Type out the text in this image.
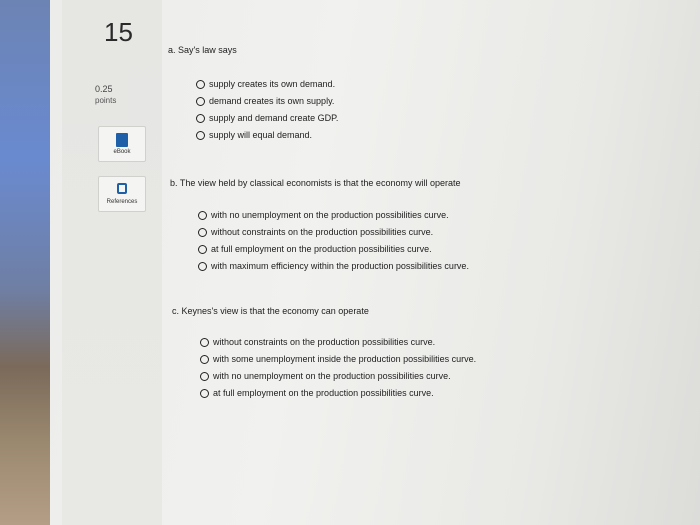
15
0.25
points
eBook
References
a. Say's law says
supply creates its own demand.
demand creates its own supply.
supply and demand create GDP.
supply will equal demand.
b. The view held by classical economists is that the economy will operate
with no unemployment on the production possibilities curve.
without constraints on the production possibilities curve.
at full employment on the production possibilities curve.
with maximum efficiency within the production possibilities curve.
c. Keynes's view is that the economy can operate
without constraints on the production possibilities curve.
with some unemployment inside the production possibilities curve.
with no unemployment on the production possibilities curve.
at full employment on the production possibilities curve.
